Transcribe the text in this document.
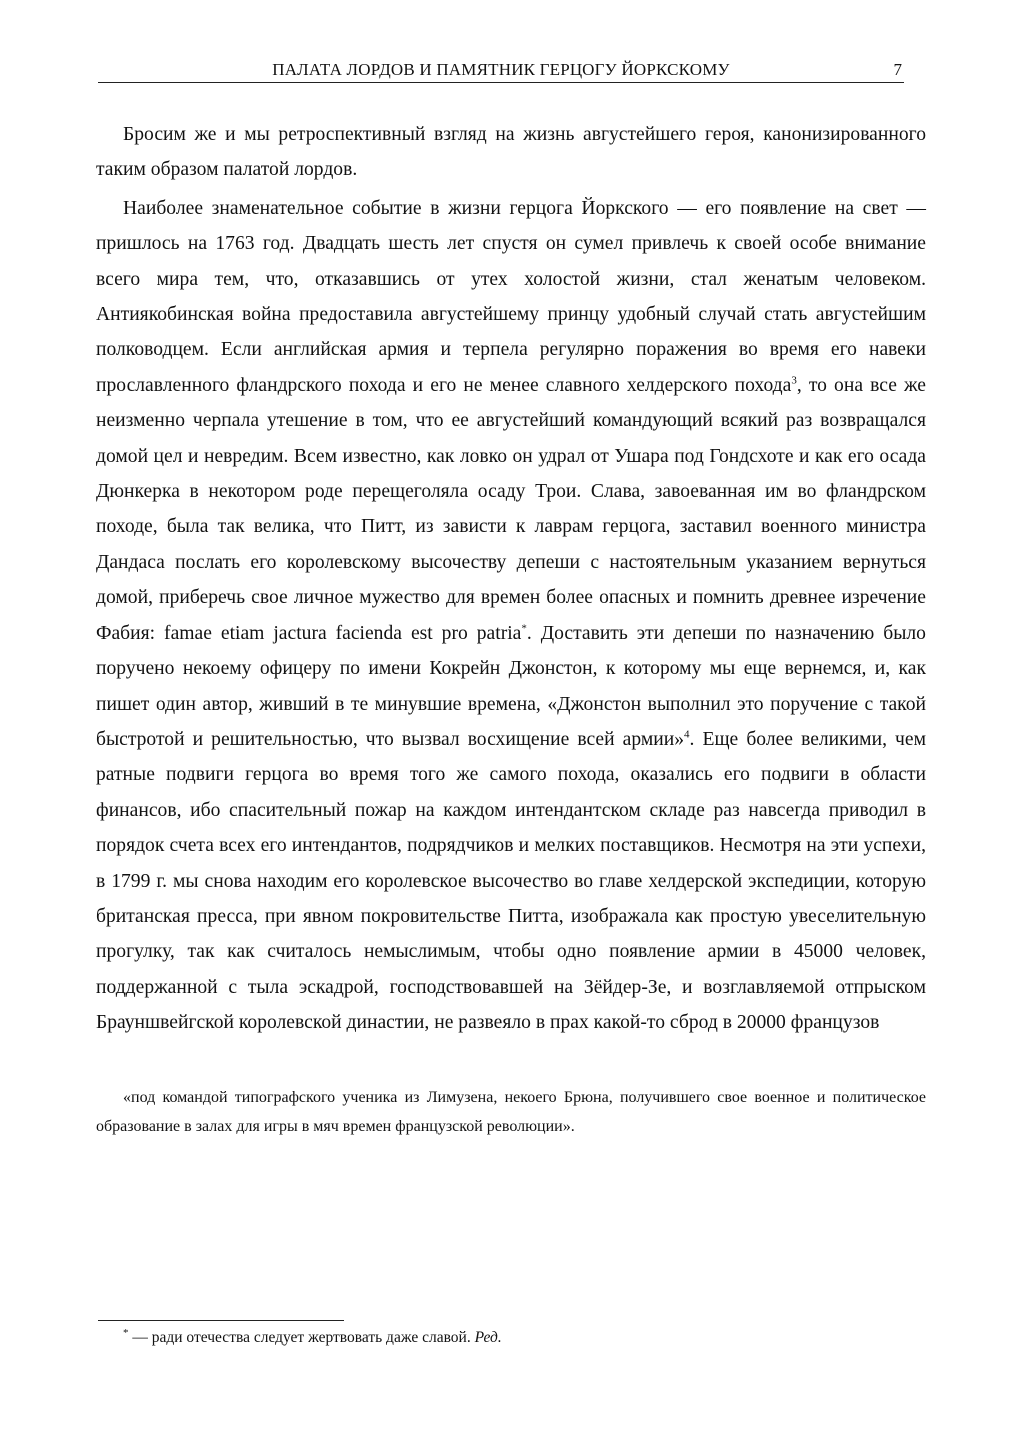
ПАЛАТА ЛОРДОВ И ПАМЯТНИК ГЕРЦОГУ ЙОРКСКОМУ	7

Бросим же и мы ретроспективный взгляд на жизнь августейшего героя, канонизированного таким образом палатой лордов.

Наиболее знаменательное событие в жизни герцога Йоркского — его появление на свет — пришлось на 1763 год. Двадцать шесть лет спустя он сумел привлечь к своей особе внимание всего мира тем, что, отказавшись от утех холостой жизни, стал женатым человеком. Антиякобинская война предоставила августейшему принцу удобный случай стать августейшим полководцем. Если английская армия и терпела регулярно поражения во время его навеки прославленного фландрского похода и его не менее славного хелдерского похода$^3$, то она все же неизменно черпала утешение в том, что ее августейший командующий всякий раз возвращался домой цел и невредим. Всем известно, как ловко он удрал от Ушара под Гондсхоте и как его осада Дюнкерка в некотором роде перещеголяла осаду Трои. Слава, завоеванная им во фландрском походе, была так велика, что Питт, из зависти к лаврам герцога, заставил военного министра Дандаса послать его королевскому высочеству депеши с настоятельным указанием вернуться домой, приберечь свое личное мужество для времен более опасных и помнить древнее изречение Фабия: famae etiam jactura facienda est pro patria*. Доставить эти депеши по назначению было поручено некоему офицеру по имени Кокрейн Джонстон, к которому мы еще вернемся, и, как пишет один автор, живший в те минувшие времена, «Джонстон выполнил это поручение с такой быстротой и решительностью, что вызвал восхищение всей армии»$^4$. Еще более великими, чем ратные подвиги герцога во время того же самого похода, оказались его подвиги в области финансов, ибо спасительный пожар на каждом интендантском складе раз навсегда приводил в порядок счета всех его интендантов, подрядчиков и мелких поставщиков. Несмотря на эти успехи, в 1799 г. мы снова находим его королевское высочество во главе хелдерской экспедиции, которую британская пресса, при явном покровительстве Питта, изображала как простую увеселительную прогулку, так как считалось немыслимым, чтобы одно появление армии в 45000 человек, поддержанной с тыла эскадрой, господствовавшей на Зёйдер-Зе, и возглавляемой отпрыском Брауншвейгской королевской династии, не развеяло в прах какой-то сброд в 20000 французов

«под командой типографского ученика из Лимузена, некоего Брюна, получившего свое военное и политическое образование в залах для игры в мяч времен французской революции».

* — ради отечества следует жертвовать даже славой. Ред.
